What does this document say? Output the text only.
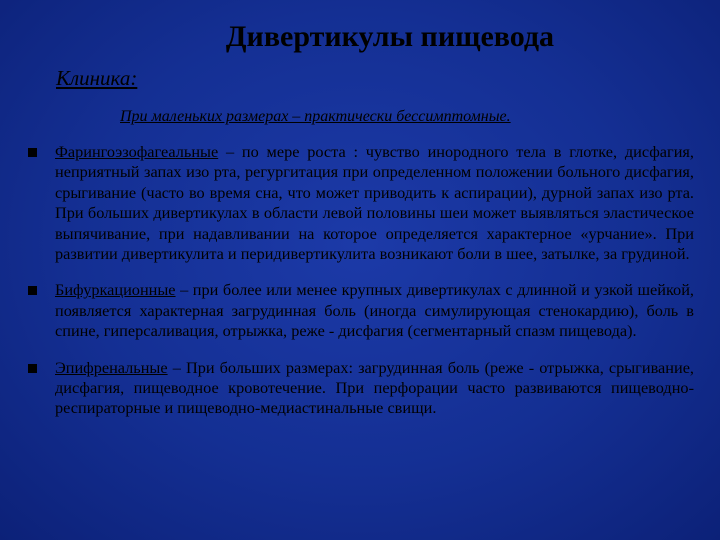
Дивертикулы пищевода
Клиника:
При маленьких размерах – практически бессимптомные.
Фарингоэзофагеальные – по мере роста : чувство инородного тела в глотке, дисфагия, неприятный запах изо рта, регургитация при определенном положении больного дисфагия, срыгивание (часто во время сна, что может приводить к аспирации), дурной запах изо рта. При больших дивертикулах в области левой половины шеи может выявляться эластическое выпячивание, при надавливании на которое определяется характерное «урчание». При развитии дивертикулита и перидивертикулита возникают боли в шее, затылке, за грудиной.
Бифуркационные – при более или менее крупных дивертикулах с длинной и узкой шейкой, появляется характерная загрудинная боль (иногда симулирующая стенокардию), боль в спине, гиперсаливация, отрыжка, реже - дисфагия (сегментарный спазм пищевода).
Эпифренальные – При больших размерах: загрудинная боль (реже - отрыжка, срыгивание, дисфагия, пищеводное кровотечение. При перфорации часто развиваются пищеводно-респираторные и пищеводно-медиастинальные свищи.
